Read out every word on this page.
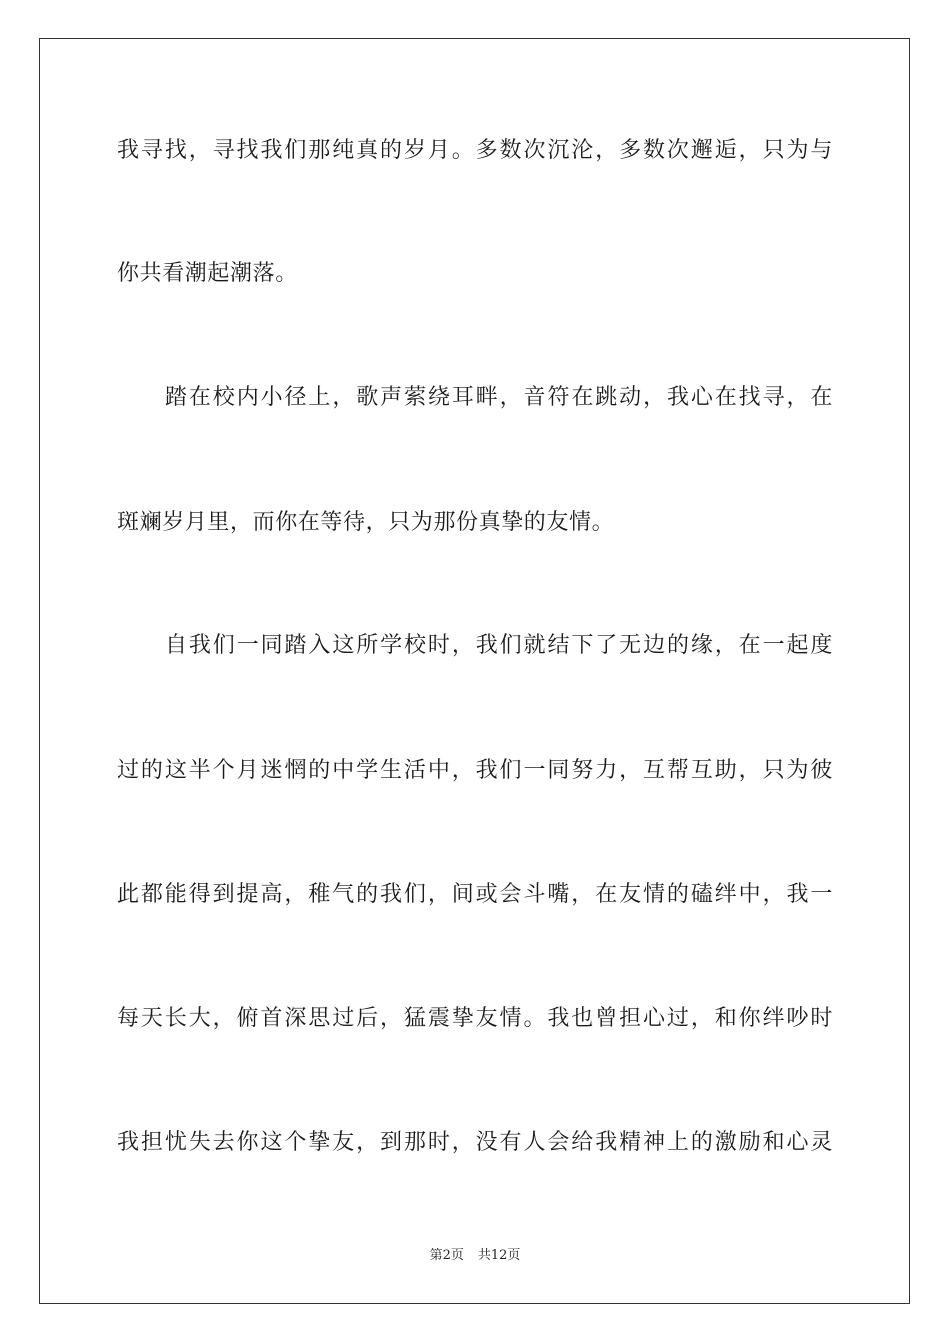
我寻找，寻找我们那纯真的岁月。多数次沉沦，多数次邂逅，只为与
你共看潮起潮落。
踏在校内小径上，歌声萦绕耳畔，音符在跳动，我心在找寻，在
斑斓岁月里，而你在等待，只为那份真挚的友情。
自我们一同踏入这所学校时，我们就结下了无边的缘，在一起度
过的这半个月迷惘的中学生活中，我们一同努力，互帮互助，只为彼
此都能得到提高，稚气的我们，间或会斗嘴，在友情的磕绊中，我一
每天长大，俯首深思过后，猛震挚友情。我也曾担心过，和你绊吵时
我担忧失去你这个挚友，到那时，没有人会给我精神上的激励和心灵
第2页 共12页
